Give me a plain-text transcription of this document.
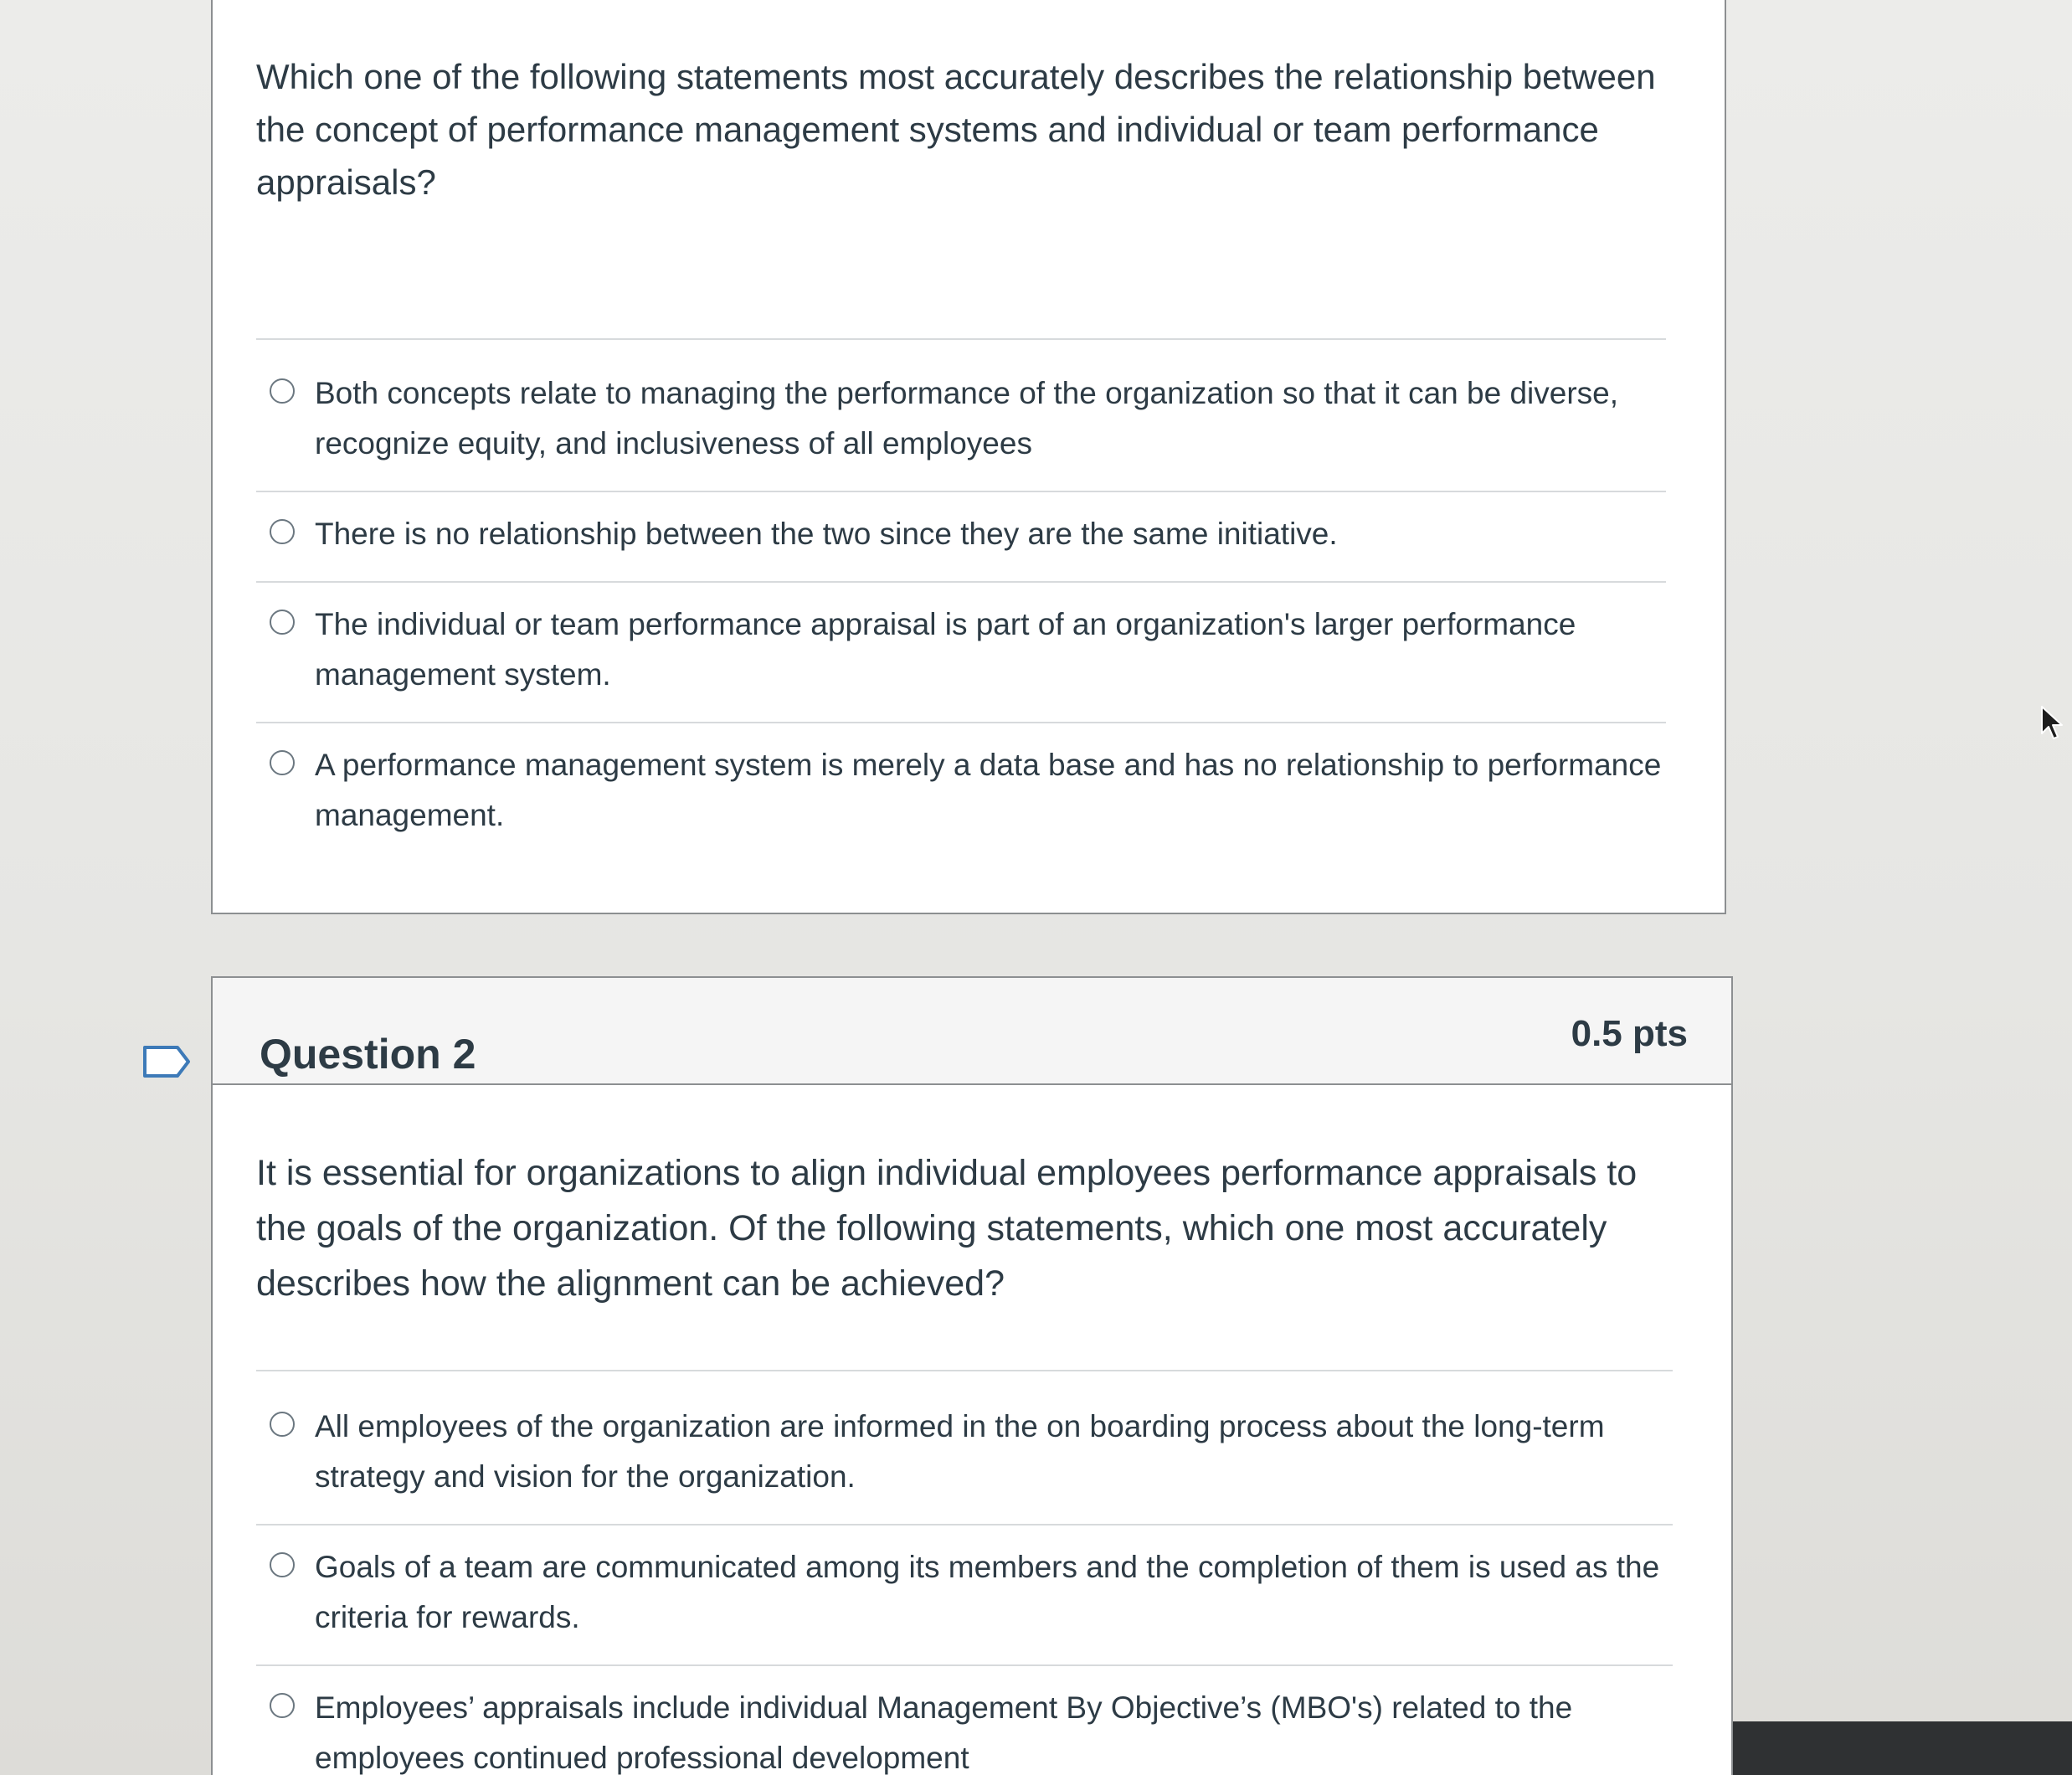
Which one of the following statements most accurately describes the relationship between the concept of performance management systems and individual or team performance appraisals?
Both concepts relate to managing the performance of the organization so that it can be diverse, recognize equity, and inclusiveness of all employees
There is no relationship between the two since they are the same initiative.
The individual or team performance appraisal is part of an organization's larger performance management system.
A performance management system is merely a data base and has no relationship to performance management.
Question 2	0.5 pts
It is essential for organizations to align individual employees performance appraisals to the goals of the organization. Of the following statements, which one most accurately describes how the alignment can be achieved?
All employees of the organization are informed in the on boarding process about the long-term strategy and vision for the organization.
Goals of a team are communicated among its members and the completion of them is used as the criteria for rewards.
Employees’ appraisals include individual Management By Objective’s (MBO's) related to the employees continued professional development
